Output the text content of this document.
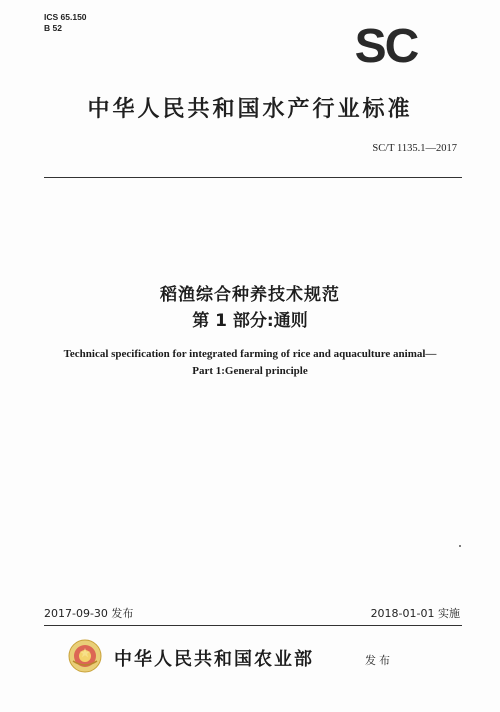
ICS 65.150
B 52	SC
中华人民共和国水产行业标准
SC/T 1135.1—2017
稻渔综合种养技术规范
第 1 部分:通则
Technical specification for integrated farming of rice and aquaculture animal—
Part 1:General principle
2017-09-30 发布	2018-01-01 实施
中华人民共和国农业部	发布
